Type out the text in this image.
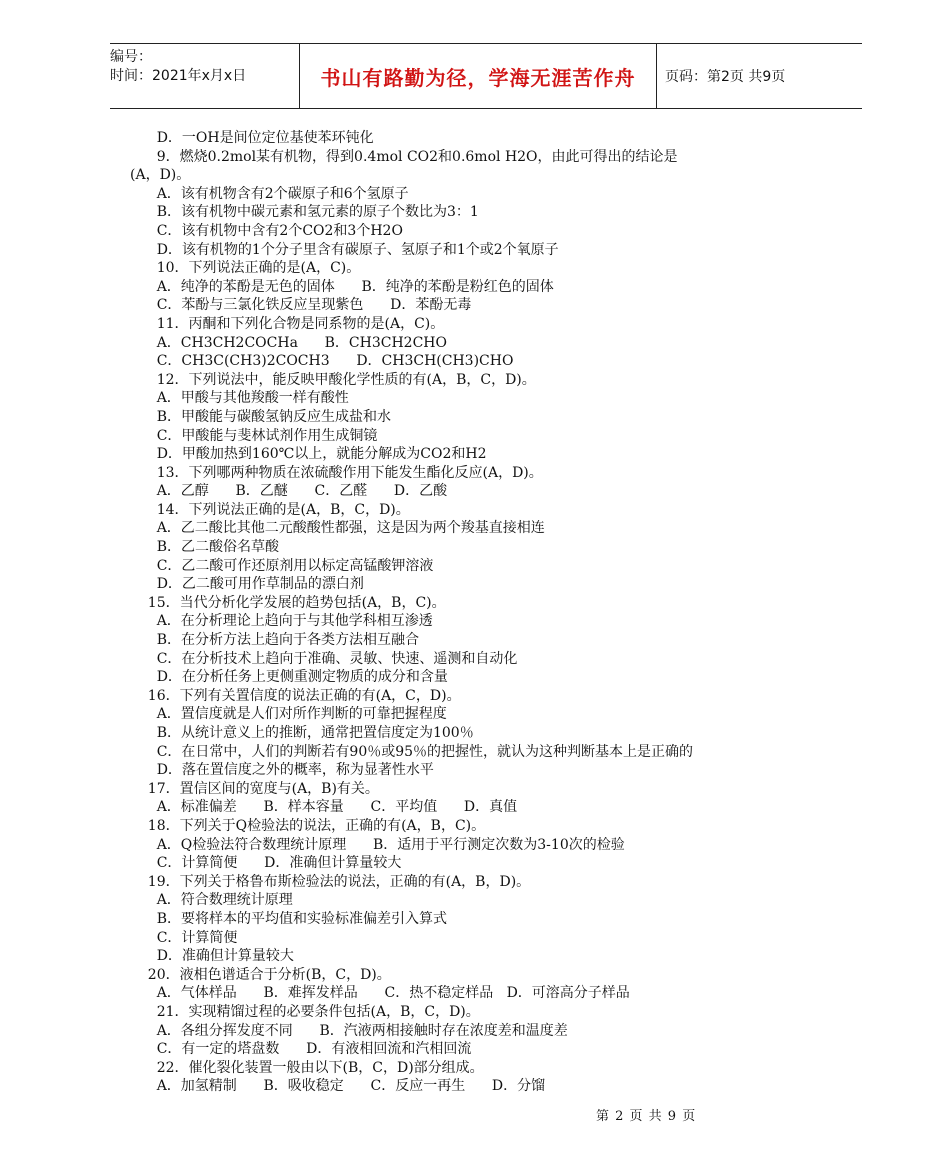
编号：
时间：2021年x月x日	书山有路勤为径，学海无涯苦作舟	页码：第2页 共9页
D．一OH是间位定位基使苯环钝化
9．燃烧0.2mol某有机物，得到0.4mol CO2和0.6mol H2O，由此可得出的结论是
(A，D)。
A．该有机物含有2个碳原子和6个氢原子
B．该有机物中碳元素和氢元素的原子个数比为3：1
C．该有机物中含有2个CO2和3个H2O
D．该有机物的1个分子里含有碳原子、氢原子和1个或2个氧原子
10．下列说法正确的是(A，C)。
A．纯净的苯酚是无色的固体      B．纯净的苯酚是粉红色的固体
C．苯酚与三氯化铁反应呈现紫色      D．苯酚无毒
11．丙酮和下列化合物是同系物的是(A，C)。
A．CH3CH2COCHa      B．CH3CH2CHO
C．CH3C(CH3)2COCH3      D．CH3CH(CH3)CHO
12．下列说法中，能反映甲酸化学性质的有(A，B，C，D)。
A．甲酸与其他羧酸一样有酸性
B．甲酸能与碳酸氢钠反应生成盐和水
C．甲酸能与斐林试剂作用生成铜镜
D．甲酸加热到160℃以上，就能分解成为CO2和H2
13．下列哪两种物质在浓硫酸作用下能发生酯化反应(A，D)。
A．乙醇      B．乙醚      C．乙醛      D．乙酸
14．下列说法正确的是(A，B，C，D)。
A．乙二酸比其他二元酸酸性都强，这是因为两个羧基直接相连
B．乙二酸俗名草酸
C．乙二酸可作还原剂用以标定高锰酸钾溶液
D．乙二酸可用作草制品的漂白剂
15．当代分析化学发展的趋势包括(A，B，C)。
A．在分析理论上趋向于与其他学科相互渗透
B．在分析方法上趋向于各类方法相互融合
C．在分析技术上趋向于准确、灵敏、快速、遥测和自动化
D．在分析任务上更侧重测定物质的成分和含量
16．下列有关置信度的说法正确的有(A，C，D)。
A．置信度就是人们对所作判断的可靠把握程度
B．从统计意义上的推断，通常把置信度定为100％
C．在日常中，人们的判断若有90％或95％的把握性，就认为这种判断基本上是正确的
D．落在置信度之外的概率，称为显著性水平
17．置信区间的宽度与(A，B)有关。
A．标准偏差      B．样本容量      C．平均值      D．真值
18．下列关于Q检验法的说法，正确的有(A，B，C)。
A．Q检验法符合数理统计原理      B．适用于平行测定次数为3-10次的检验
C．计算简便      D．准确但计算量较大
19．下列关于格鲁布斯检验法的说法，正确的有(A，B，D)。
A．符合数理统计原理
B．要将样本的平均值和实验标准偏差引入算式
C．计算简便
D．准确但计算量较大
20．液相色谱适合于分析(B，C，D)。
A．气体样品      B．难挥发样品      C．热不稳定样品   D．可溶高分子样品
21．实现精馏过程的必要条件包括(A，B，C，D)。
A．各组分挥发度不同      B．汽液两相接触时存在浓度差和温度差
C．有一定的塔盘数      D．有液相回流和汽相回流
22．催化裂化装置一般由以下(B，C，D)部分组成。
A．加氢精制      B．吸收稳定      C．反应一再生      D．分馏
第 2 页 共 9 页
